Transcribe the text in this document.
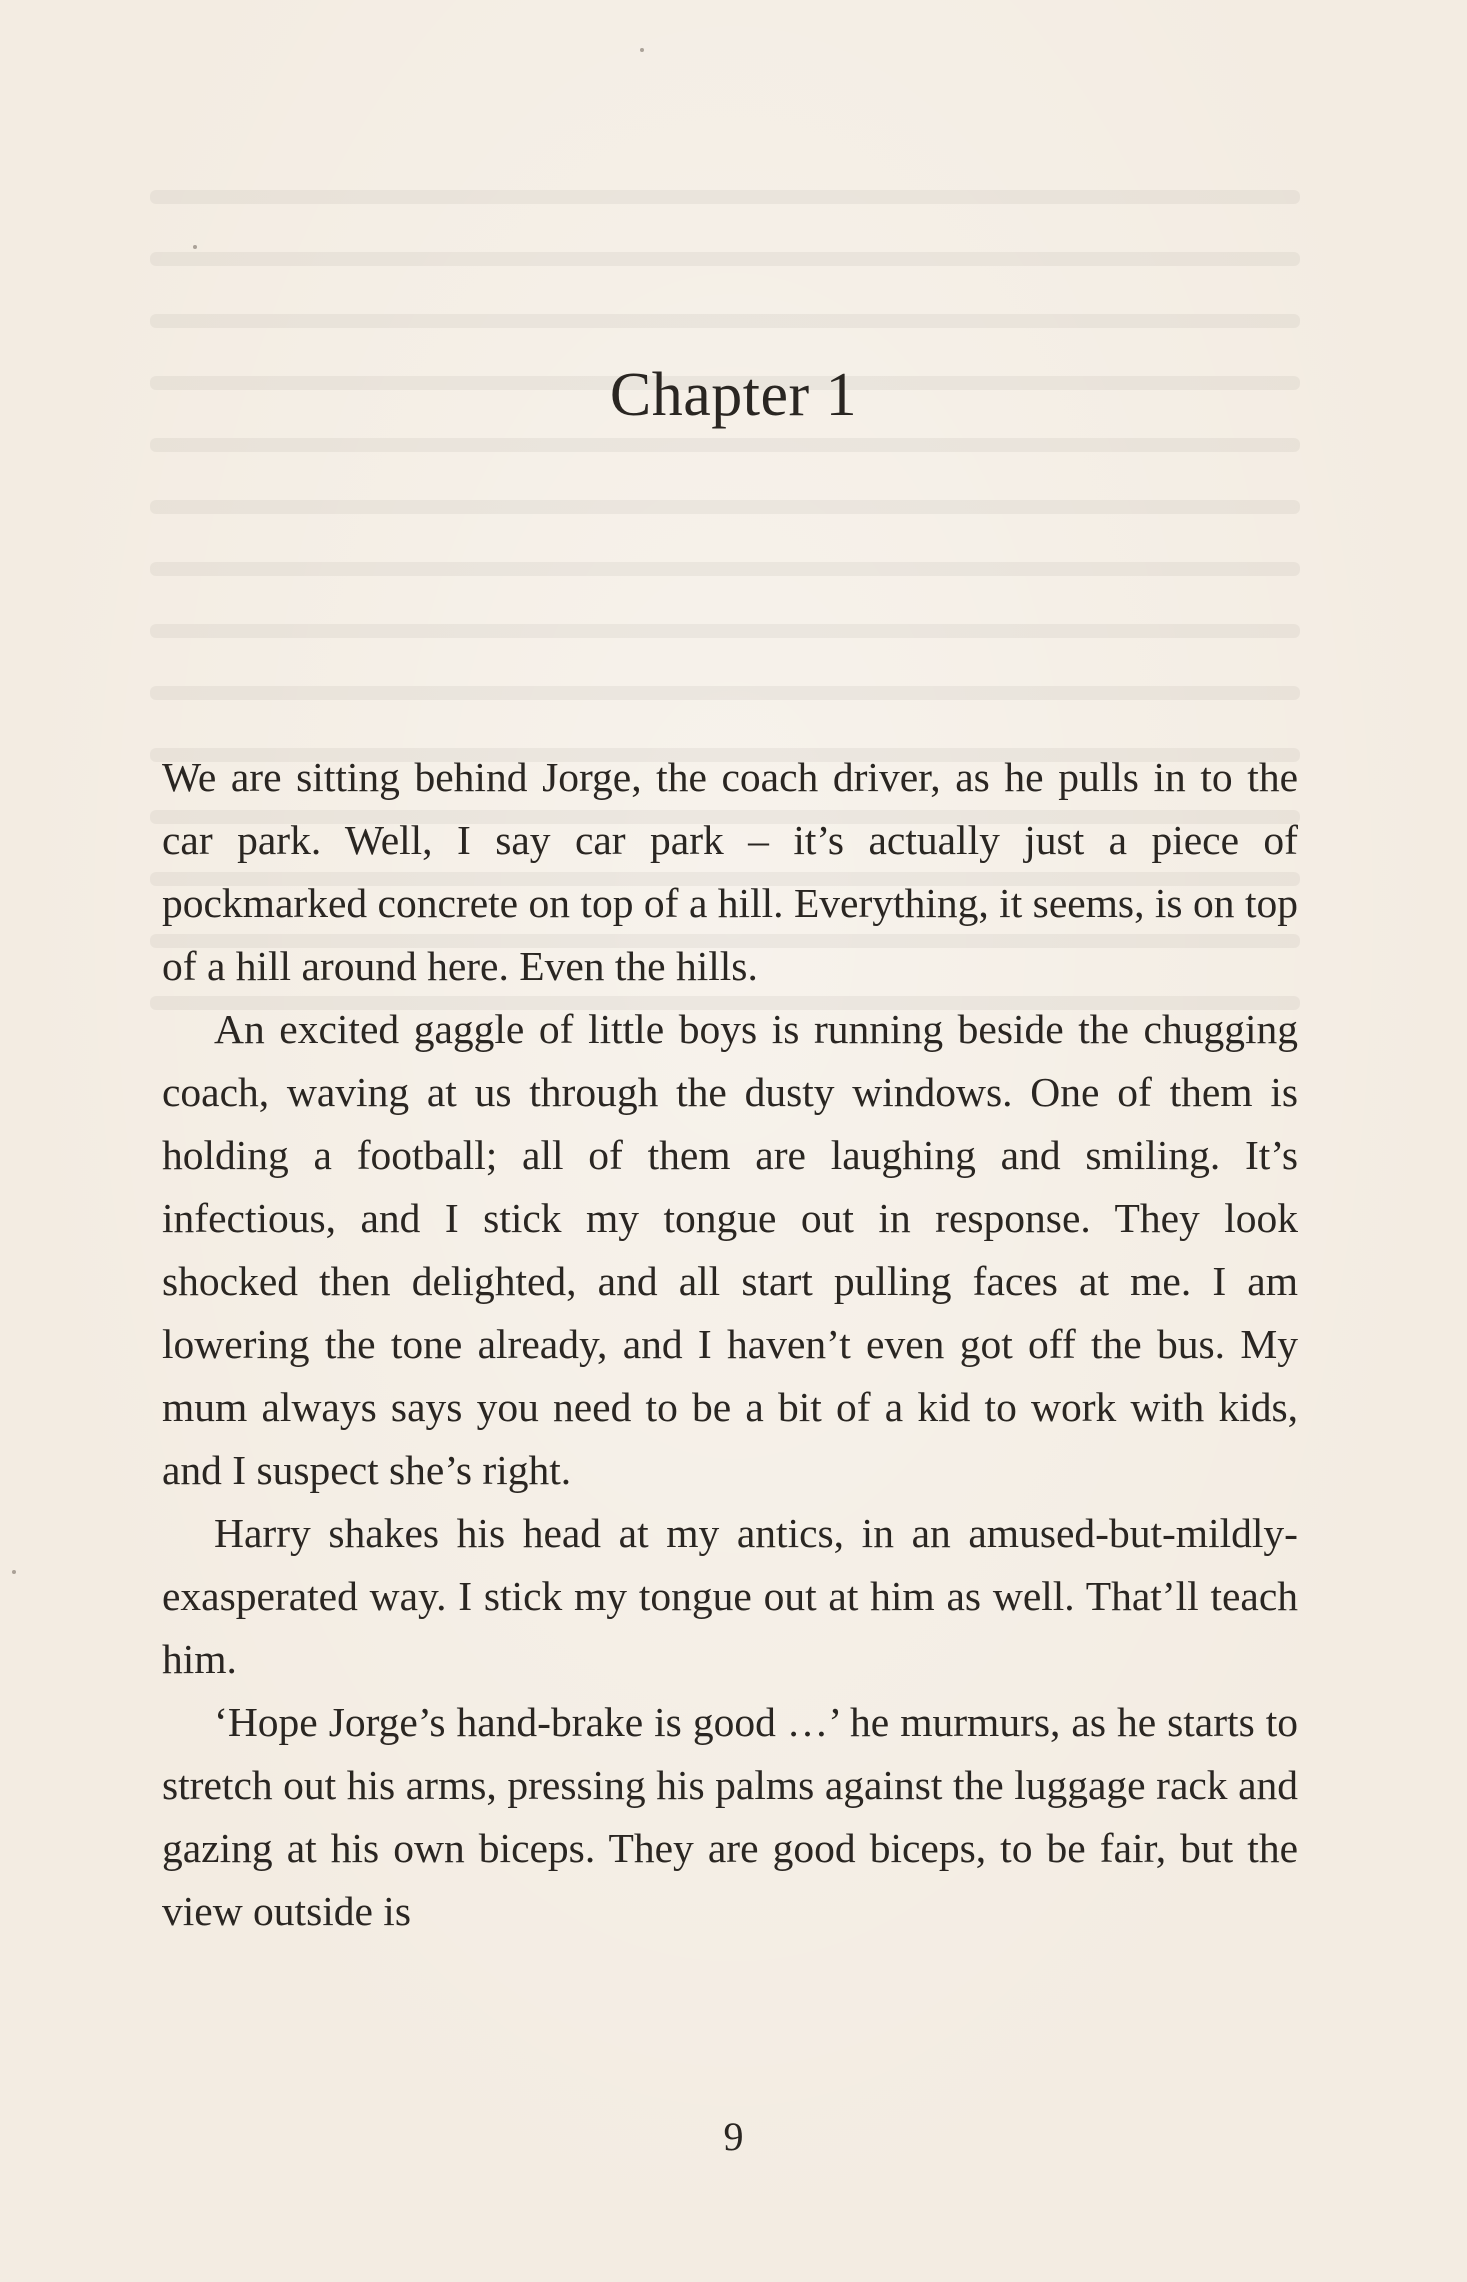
Chapter 1

We are sitting behind Jorge, the coach driver, as he pulls in to the car park. Well, I say car park – it’s actually just a piece of pockmarked concrete on top of a hill. Everything, it seems, is on top of a hill around here. Even the hills.

An excited gaggle of little boys is running beside the chugging coach, waving at us through the dusty windows. One of them is holding a football; all of them are laughing and smiling. It’s infectious, and I stick my tongue out in response. They look shocked then delighted, and all start pulling faces at me. I am lowering the tone already, and I haven’t even got off the bus. My mum always says you need to be a bit of a kid to work with kids, and I suspect she’s right.

Harry shakes his head at my antics, in an amused-but-mildly-exasperated way. I stick my tongue out at him as well. That’ll teach him.

‘Hope Jorge’s hand-brake is good …’ he murmurs, as he starts to stretch out his arms, pressing his palms against the luggage rack and gazing at his own biceps. They are good biceps, to be fair, but the view outside is

9
